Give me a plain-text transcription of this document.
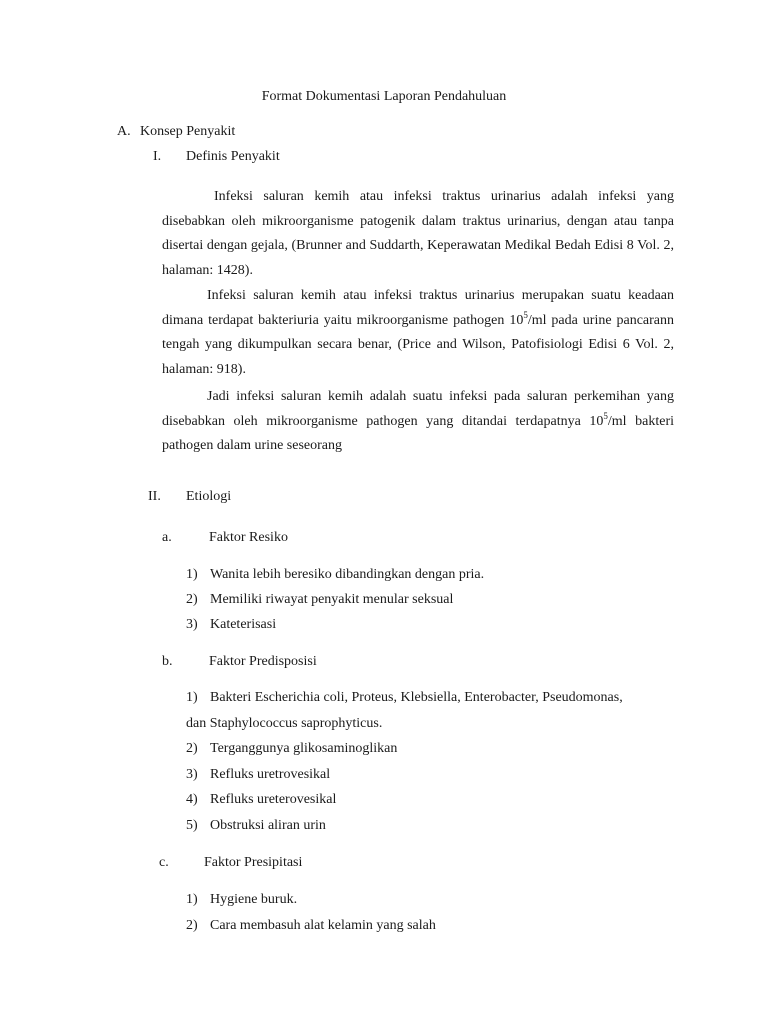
Format Dokumentasi Laporan Pendahuluan
A. Konsep Penyakit
I. Definis Penyakit
Infeksi saluran kemih atau infeksi traktus urinarius adalah infeksi yang disebabkan oleh mikroorganisme patogenik dalam traktus urinarius, dengan atau tanpa disertai dengan gejala, (Brunner and Suddarth, Keperawatan Medikal Bedah Edisi 8 Vol. 2, halaman: 1428).
Infeksi saluran kemih atau infeksi traktus urinarius merupakan suatu keadaan dimana terdapat bakteriuria yaitu mikroorganisme pathogen $10^5/ml$ pada urine pancarann tengah yang dikumpulkan secara benar, (Price and Wilson, Patofisiologi Edisi 6 Vol. 2, halaman: 918).
Jadi infeksi saluran kemih adalah suatu infeksi pada saluran perkemihan yang disebabkan oleh mikroorganisme pathogen yang ditandai terdapatnya $10^5/ml$ bakteri pathogen dalam urine seseorang
II. Etiologi
a.	Faktor Resiko
1) Wanita lebih beresiko dibandingkan dengan pria.
2) Memiliki riwayat penyakit menular seksual
3) Kateterisasi
b.	Faktor Predisposisi
1) Bakteri Escherichia coli, Proteus, Klebsiella, Enterobacter, Pseudomonas,
dan Staphylococcus saprophyticus.
2) Terganggunya glikosaminoglikan
3) Refluks uretrovesikal
4) Refluks ureterovesikal
5) Obstruksi aliran urin
c.	Faktor Presipitasi
1) Hygiene buruk.
2) Cara membasuh alat kelamin yang salah
